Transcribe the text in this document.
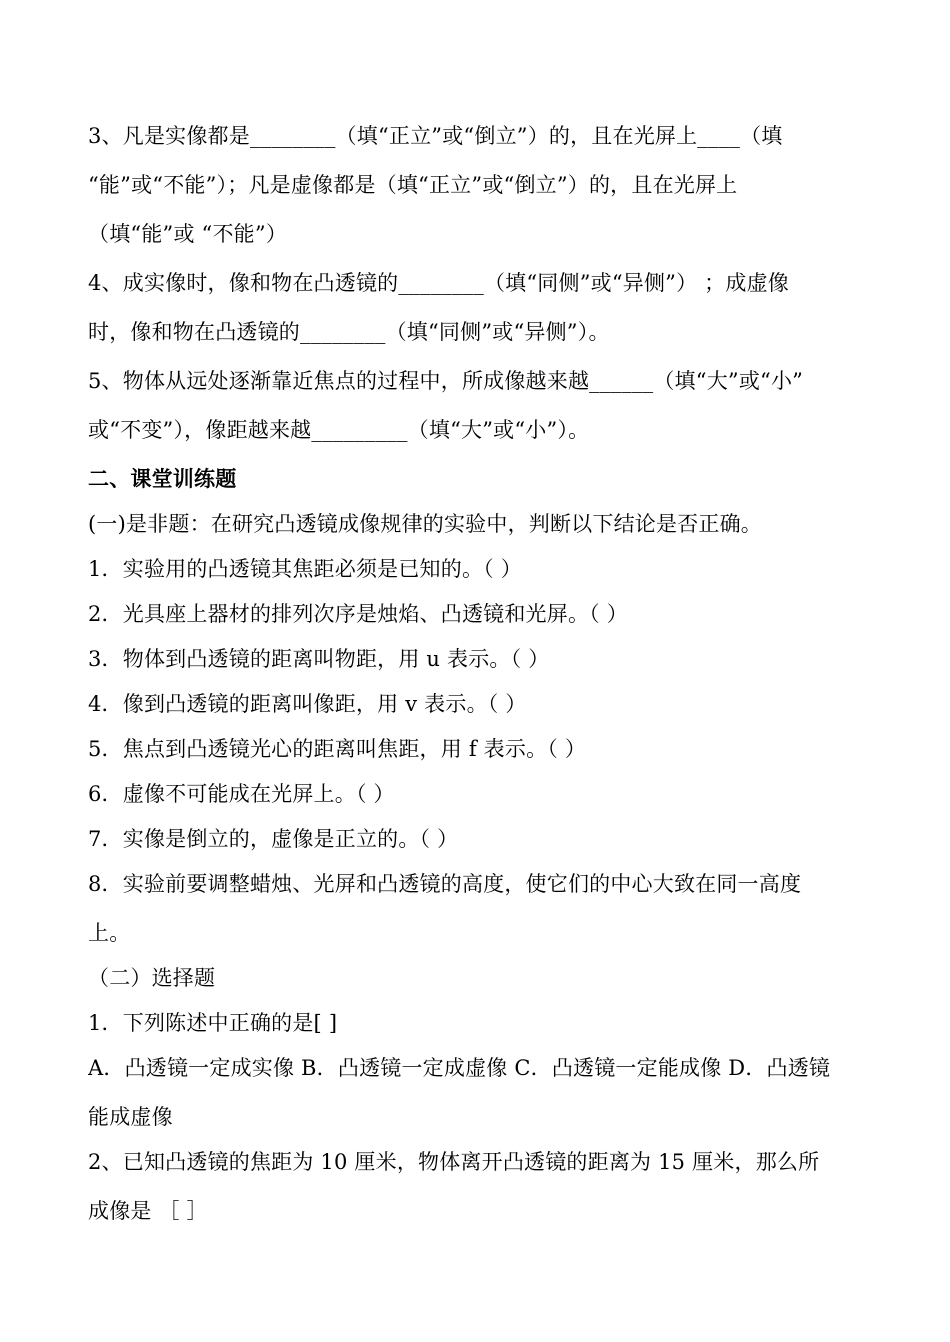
3、凡是实像都是________（填“正立”或“倒立”）的，且在光屏上____（填
“能”或“不能”）；凡是虚像都是（填“正立”或“倒立”）的，且在光屏上
（填“能”或 “不能”）
4、成实像时，像和物在凸透镜的________（填“同侧”或“异侧”） ；成虚像
时，像和物在凸透镜的________（填“同侧”或“异侧”）。
5、物体从远处逐渐靠近焦点的过程中，所成像越来越______（填“大”或“小”
或“不变”），像距越来越_________（填“大”或“小”）。
二、课堂训练题
(一)是非题：在研究凸透镜成像规律的实验中，判断以下结论是否正确。
1．实验用的凸透镜其焦距必须是已知的。（ ）
2．光具座上器材的排列次序是烛焰、凸透镜和光屏。（ ）
3．物体到凸透镜的距离叫物距，用 u 表示。（ ）
4．像到凸透镜的距离叫像距，用 v 表示。（ ）
5．焦点到凸透镜光心的距离叫焦距，用 f 表示。（ ）
6．虚像不可能成在光屏上。（ ）
7．实像是倒立的，虚像是正立的。（ ）
8．实验前要调整蜡烛、光屏和凸透镜的高度，使它们的中心大致在同一高度
上。
（二）选择题
1．下列陈述中正确的是[ ]
A．凸透镜一定成实像 B．凸透镜一定成虚像 C．凸透镜一定能成像 D．凸透镜
能成虚像
2、已知凸透镜的焦距为 10 厘米，物体离开凸透镜的距离为 15 厘米，那么所
成像是 ［ ］
